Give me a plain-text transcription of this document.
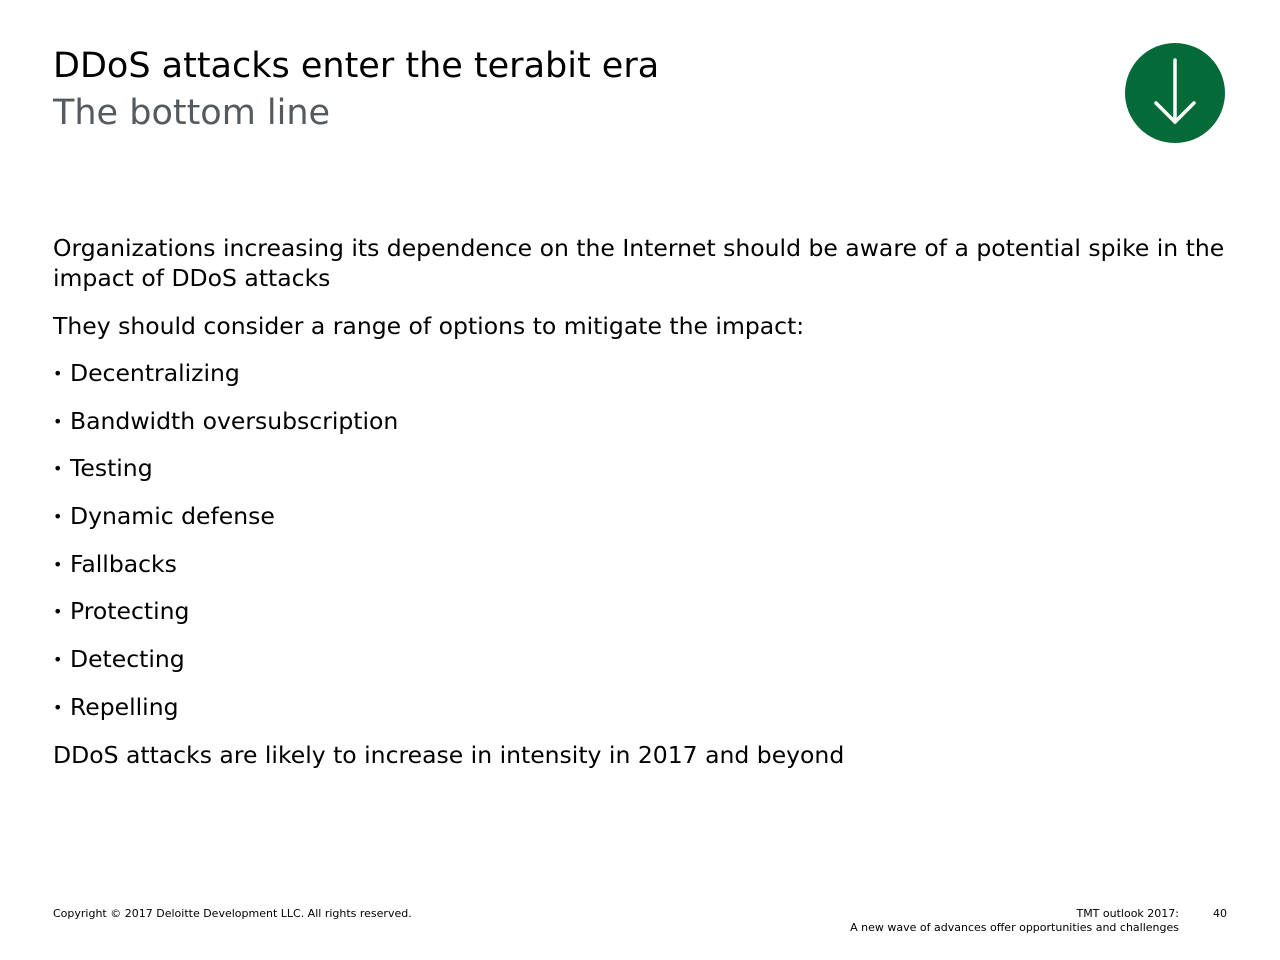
DDoS attacks enter the terabit era
The bottom line

Organizations increasing its dependence on the Internet should be aware of a potential spike in the impact of DDoS attacks

They should consider a range of options to mitigate the impact:

• Decentralizing
• Bandwidth oversubscription
• Testing
• Dynamic defense
• Fallbacks
• Protecting
• Detecting
• Repelling

DDoS attacks are likely to increase in intensity in 2017 and beyond

Copyright © 2017 Deloitte Development LLC. All rights reserved.	TMT outlook 2017:
A new wave of advances offer opportunities and challenges
40
